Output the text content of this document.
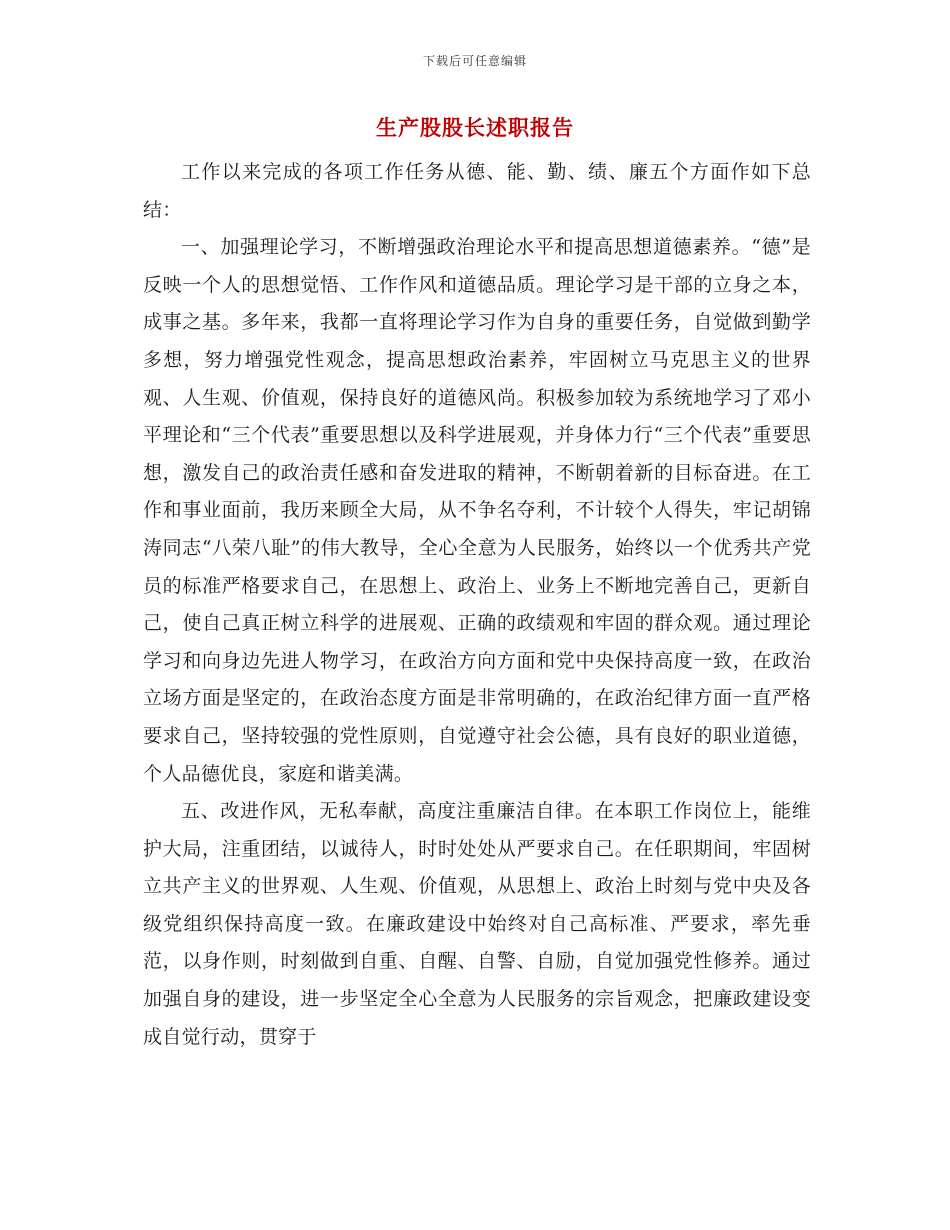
下载后可任意编辑
生产股股长述职报告

工作以来完成的各项工作任务从德、能、勤、绩、廉五个方面作如下总结：

一、加强理论学习，不断增强政治理论水平和提高思想道德素养。“德”是反映一个人的思想觉悟、工作作风和道德品质。理论学习是干部的立身之本，成事之基。多年来，我都一直将理论学习作为自身的重要任务，自觉做到勤学多想，努力增强党性观念，提高思想政治素养，牢固树立马克思主义的世界观、人生观、价值观，保持良好的道德风尚。积极参加较为系统地学习了邓小平理论和“三个代表”重要思想以及科学进展观，并身体力行“三个代表”重要思想，激发自己的政治责任感和奋发进取的精神，不断朝着新的目标奋进。在工作和事业面前，我历来顾全大局，从不争名夺利，不计较个人得失，牢记胡锦涛同志“八荣八耻”的伟大教导，全心全意为人民服务，始终以一个优秀共产党员的标准严格要求自己，在思想上、政治上、业务上不断地完善自己，更新自己，使自己真正树立科学的进展观、正确的政绩观和牢固的群众观。通过理论学习和向身边先进人物学习，在政治方向方面和党中央保持高度一致，在政治立场方面是坚定的，在政治态度方面是非常明确的，在政治纪律方面一直严格要求自己，坚持较强的党性原则，自觉遵守社会公德，具有良好的职业道德，个人品德优良，家庭和谐美满。

五、改进作风，无私奉献，高度注重廉洁自律。在本职工作岗位上，能维护大局，注重团结，以诚待人，时时处处从严要求自己。在任职期间，牢固树立共产主义的世界观、人生观、价值观，从思想上、政治上时刻与党中央及各级党组织保持高度一致。在廉政建设中始终对自己高标准、严要求，率先垂范，以身作则，时刻做到自重、自醒、自警、自励，自觉加强党性修养。通过加强自身的建设，进一步坚定全心全意为人民服务的宗旨观念，把廉政建设变成自觉行动，贯穿于
